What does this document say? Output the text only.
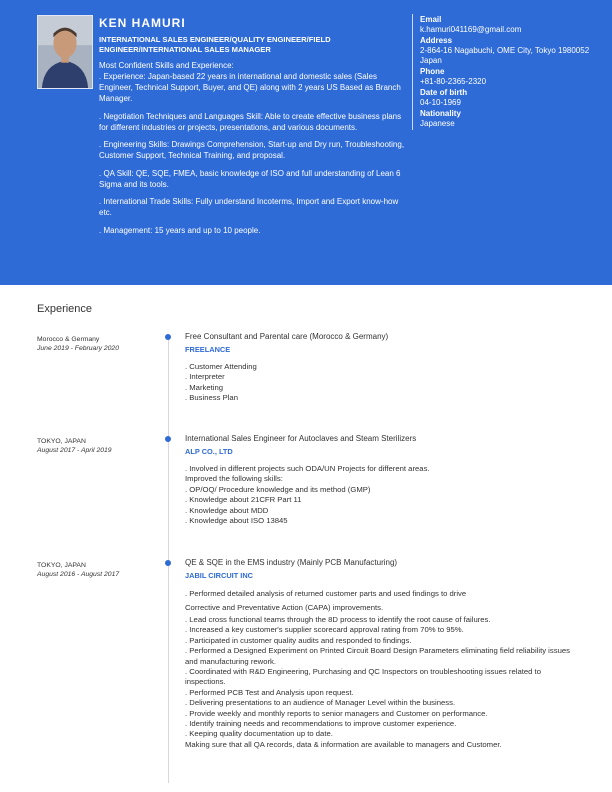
KEN HAMURI
INTERNATIONAL SALES ENGINEER/QUALITY ENGINEER/FIELD ENGINEER/INTERNATIONAL SALES MANAGER

Most Confident Skills and Experience:

. Experience: Japan-based 22 years in international and domestic sales (Sales Engineer, Technical Support, Buyer, and QE) along with 2 years US Based as Branch Manager.

. Negotiation Techniques and Languages Skill: Able to create effective business plans for different industries or projects, presentations, and various documents.

. Engineering Skills: Drawings Comprehension, Start-up and Dry run, Troubleshooting, Customer Support, Technical Training, and proposal.

. QA Skill: QE, SQE, FMEA, basic knowledge of ISO and full understanding of Lean 6 Sigma and its tools.

. International Trade Skills: Fully understand Incoterms, Import and Export know-how etc.

. Management: 15 years and up to 10 people.

Email
k.hamuri041169@gmail.com
Address
2-864-16 Nagabuchi, OME City, Tokyo 1980052 Japan
Phone
+81-80-2365-2320
Date of birth
04-10-1969
Nationality
Japanese
Experience
Morocco & Germany
June 2019 - February 2020
Free Consultant and Parental care (Morocco & Germany)
FREELANCE
. Customer Attending
. Interpreter
. Marketing
. Business Plan
TOKYO, JAPAN
August 2017 - April 2019
International Sales Engineer for Autoclaves and Steam Sterilizers
ALP CO., LTD
. Involved in different projects such ODA/UN Projects for different areas.
Improved the following skills:
. OP/OQ/ Procedure knowledge and its method (GMP)
. Knowledge about 21CFR Part 11
. Knowledge about MDD
. Knowledge about ISO 13845
TOKYO, JAPAN
August 2016 - August 2017
QE & SQE in the EMS industry (Mainly PCB Manufacturing)
JABIL CIRCUIT INC
. Performed detailed analysis of returned customer parts and used findings to drive
Corrective and Preventative Action (CAPA) improvements.
. Lead cross functional teams through the 8D process to identify the root cause of failures.
. Increased a key customer's supplier scorecard approval rating from 70% to 95%.
. Participated in customer quality audits and responded to findings.
. Performed a Designed Experiment on Printed Circuit Board Design Parameters eliminating field reliability issues and manufacturing rework.
. Coordinated with R&D Engineering, Purchasing and QC Inspectors on troubleshooting issues related to inspections.
. Performed PCB Test and Analysis upon request.
. Delivering presentations to an audience of Manager Level within the business.
. Provide weekly and monthly reports to senior managers and Customer on performance.
. Identify training needs and recommendations to improve customer experience.
. Keeping quality documentation up to date.
Making sure that all QA records, data & information are available to managers and Customer.
